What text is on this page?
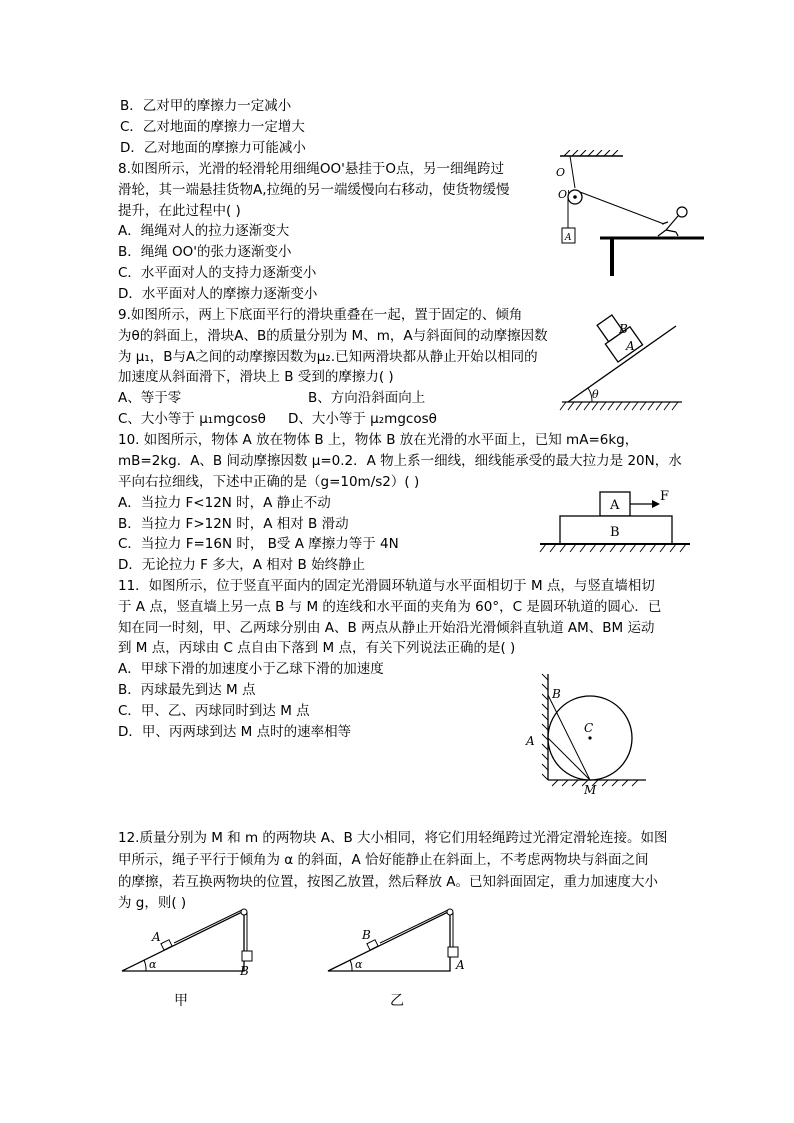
B．乙对甲的摩擦力一定减小
C．乙对地面的摩擦力一定增大
D．乙对地面的摩擦力可能减小
8.如图所示，光滑的轻滑轮用细绳OO'悬挂于O点，另一细绳跨过
滑轮，其一端悬挂货物A,拉绳的另一端缓慢向右移动，使货物缓慢
提升，在此过程中( )
A．绳绳对人的拉力逐渐变大
B．绳绳 OO'的张力逐渐变小
C．水平面对人的支持力逐渐变小
D．水平面对人的摩擦力逐渐变小
O
O'
A
9.如图所示，两上下底面平行的滑块重叠在一起，置于固定的、倾角
为θ的斜面上，滑块A、B的质量分别为 M、m，A与斜面间的动摩擦因数
为 μ₁，B与A之间的动摩擦因数为μ₂.已知两滑块都从静止开始以相同的
加速度从斜面滑下，滑块上 B 受到的摩擦力( )
A、等于零	B、方向沿斜面向上
C、大小等于 μ₁mgcosθ D、大小等于 μ₂mgcosθ
B
A
θ
10. 如图所示，物体 A 放在物体 B 上，物体 B 放在光滑的水平面上，已知 mA=6kg，
mB=2kg．A、B 间动摩擦因数 μ=0.2．A 物上系一细线，细线能承受的最大拉力是 20N，水
平向右拉细线，下述中正确的是（g=10m/s2）( )
A．当拉力 F<12N 时，A 静止不动
B．当拉力 F>12N 时，A 相对 B 滑动
C．当拉力 F=16N 时， B受 A 摩擦力等于 4N
D．无论拉力 F 多大，A 相对 B 始终静止
A
B
F
11．如图所示，位于竖直平面内的固定光滑圆环轨道与水平面相切于 M 点，与竖直墙相切
于 A 点，竖直墙上另一点 B 与 M 的连线和水平面的夹角为 60°，C 是圆环轨道的圆心．已
知在同一时刻，甲、乙两球分别由 A、B 两点从静止开始沿光滑倾斜直轨道 AM、BM 运动
到 M 点，丙球由 C 点自由下落到 M 点，有关下列说法正确的是( )
A．甲球下滑的加速度小于乙球下滑的加速度
B．丙球最先到达 M 点
C．甲、乙、丙球同时到达 M 点
D．甲、丙两球到达 M 点时的速率相等
B
C
A
M
12.质量分别为 M 和 m 的两物块 A、B 大小相同，将它们用轻绳跨过光滑定滑轮连接。如图
甲所示，绳子平行于倾角为 α 的斜面，A 恰好能静止在斜面上，不考虑两物块与斜面之间
的摩擦，若互换两物块的位置，按图乙放置，然后释放 A。已知斜面固定，重力加速度大小
为 g，则( )
A
B
α
甲
B
A
α
乙
